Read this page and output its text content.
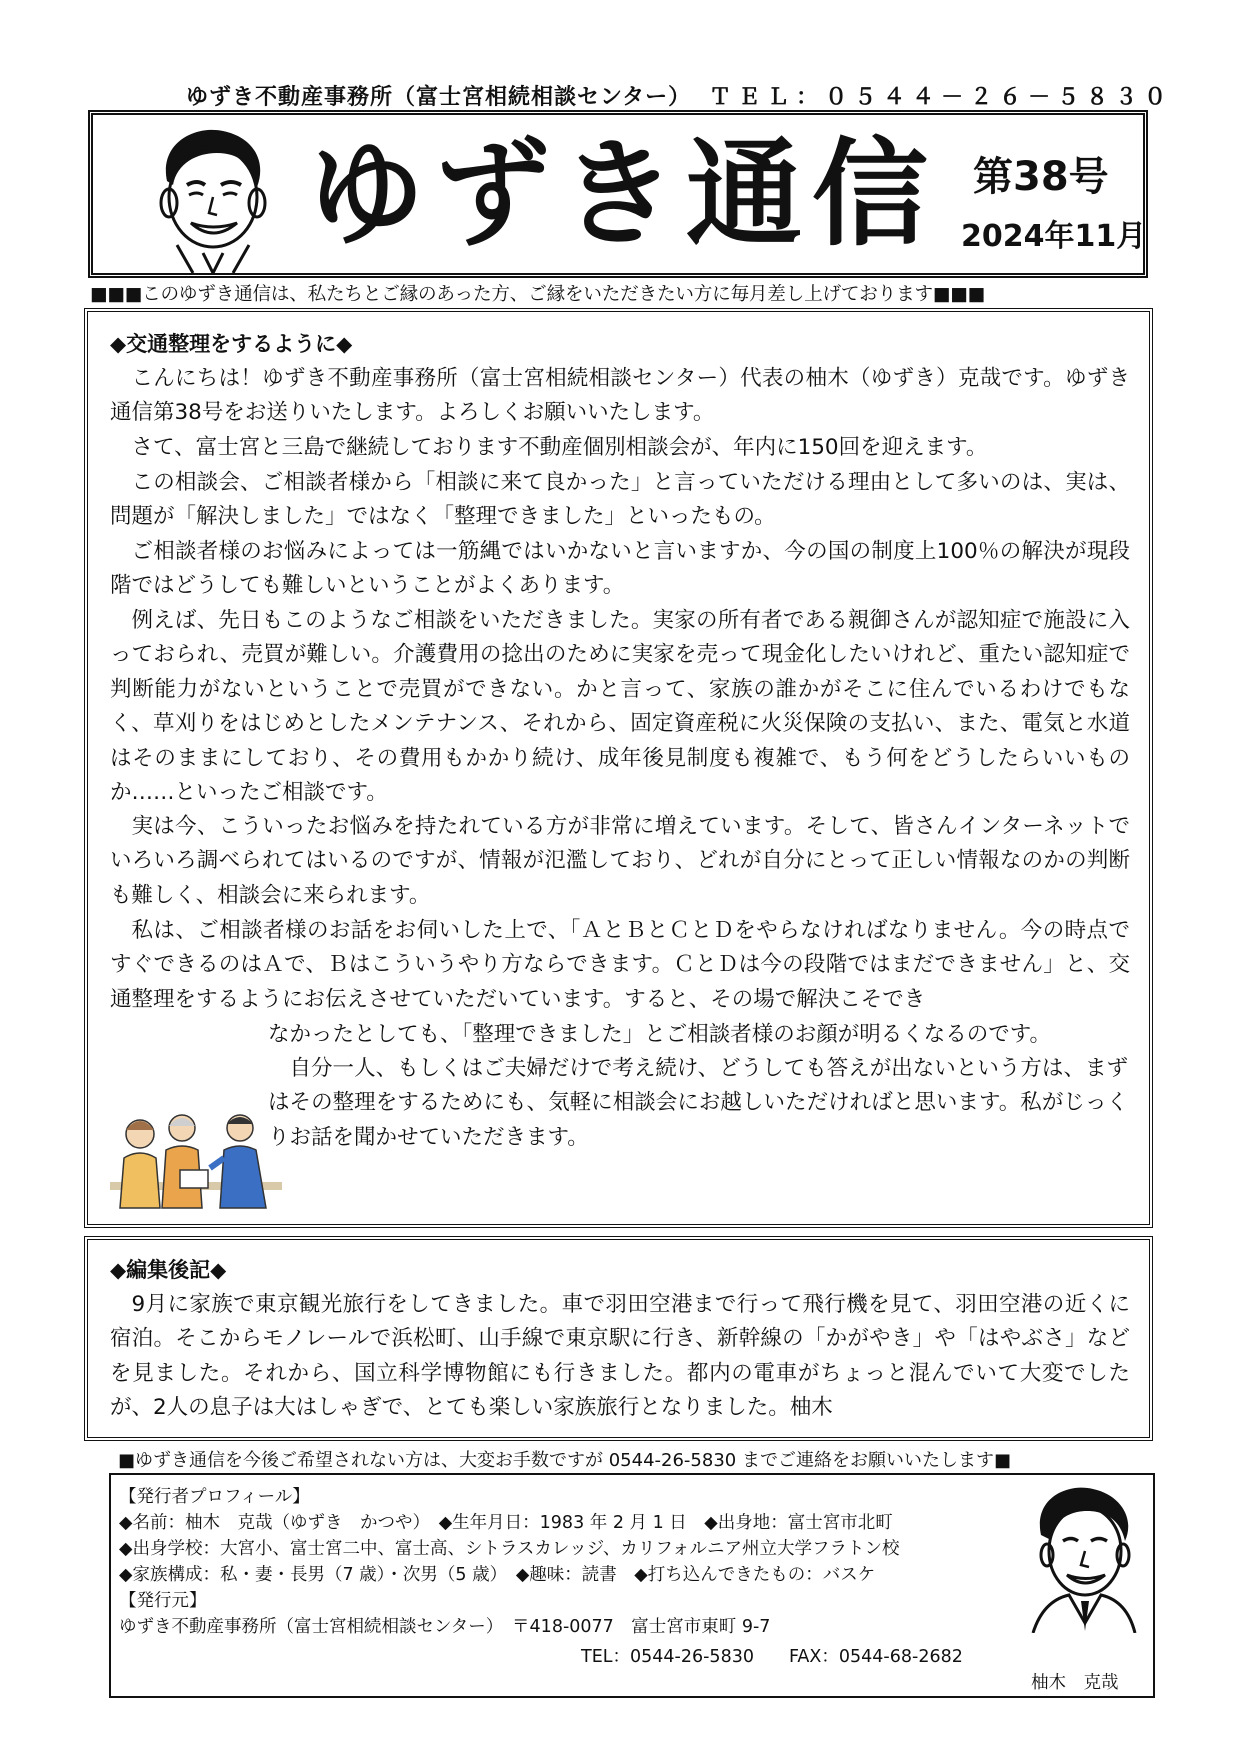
ゆずき不動産事務所（富士宮相続相談センター） ＴＥＬ：０５４４－２６－５８３０
ゆずき通信 第38号
2024年11月
■■■このゆずき通信は、私たちとご縁のあった方、ご縁をいただきたい方に毎月差し上げております■■■
◆交通整理をするように◆

こんにちは！ゆずき不動産事務所（富士宮相続相談センター）代表の柚木（ゆずき）克哉です。ゆずき通信第38号をお送りいたします。よろしくお願いいたします。

さて、富士宮と三島で継続しております不動産個別相談会が、年内に150回を迎えます。

この相談会、ご相談者様から「相談に来て良かった」と言っていただける理由として多いのは、実は、問題が「解決しました」ではなく「整理できました」といったもの。

ご相談者様のお悩みによっては一筋縄ではいかないと言いますか、今の国の制度上100％の解決が現段階ではどうしても難しいということがよくあります。

例えば、先日もこのようなご相談をいただきました。実家の所有者である親御さんが認知症で施設に入っておられ、売買が難しい。介護費用の捻出のために実家を売って現金化したいけれど、重たい認知症で判断能力がないということで売買ができない。かと言って、家族の誰かがそこに住んでいるわけでもなく、草刈りをはじめとしたメンテナンス、それから、固定資産税に火災保険の支払い、また、電気と水道はそのままにしており、その費用もかかり続け、成年後見制度も複雑で、もう何をどうしたらいいものか……といったご相談です。

実は今、こういったお悩みを持たれている方が非常に増えています。そして、皆さんインターネットでいろいろ調べられてはいるのですが、情報が氾濫しており、どれが自分にとって正しい情報なのかの判断も難しく、相談会に来られます。

私は、ご相談者様のお話をお伺いした上で、「ＡとＢとＣとＤをやらなければなりません。今の時点ですぐできるのはＡで、Ｂはこういうやり方ならできます。ＣとＤは今の段階ではまだできません」と、交通整理をするようにお伝えさせていただいています。すると、その場で解決こそでき

なかったとしても、「整理できました」とご相談者様のお顔が明るくなるのです。

自分一人、もしくはご夫婦だけで考え続け、どうしても答えが出ないという方は、まずはその整理をするためにも、気軽に相談会にお越しいただければと思います。私がじっくりお話を聞かせていただきます。

◆編集後記◆

9月に家族で東京観光旅行をしてきました。車で羽田空港まで行って飛行機を見て、羽田空港の近くに宿泊。そこからモノレールで浜松町、山手線で東京駅に行き、新幹線の「かがやき」や「はやぶさ」などを見ました。それから、国立科学博物館にも行きました。都内の電車がちょっと混んでいて大変でしたが、2人の息子は大はしゃぎで、とても楽しい家族旅行となりました。柚木

■ゆずき通信を今後ご希望されない方は、大変お手数ですが 0544-26-5830 までご連絡をお願いいたします■
【発行者プロフィール】
◆名前：柚木　克哉（ゆずき　かつや）　◆生年月日：1983 年 2 月 1 日　◆出身地：富士宮市北町
◆出身学校：大宮小、富士宮二中、富士高、シトラスカレッジ、カリフォルニア州立大学フラトン校
◆家族構成：私・妻・長男（7 歳）・次男（5 歳）　◆趣味：読書　◆打ち込んできたもの：バスケ
【発行元】
ゆずき不動産事務所（富士宮相続相談センター）　〒418-0077　富士宮市東町 9-7
TEL：0544-26-5830　　FAX：0544-68-2682
柚木　克哉
